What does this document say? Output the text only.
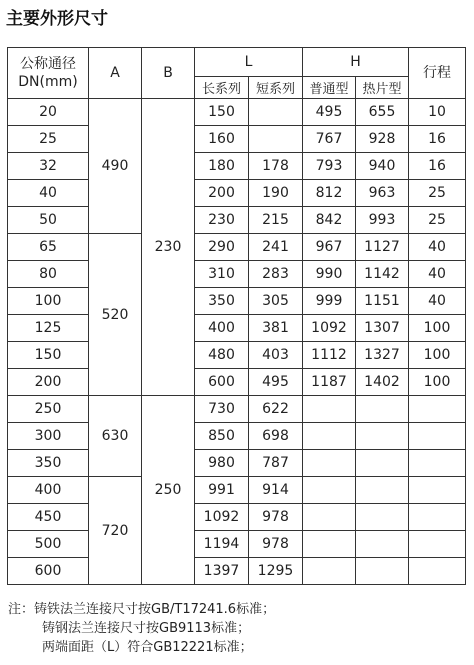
主要外形尺寸
公称通径
DN(mm)	A	B	L		H		行程
			长系列	短系列	普通型	热片型	
20	490	230	150		495	655	10
25			160		767	928	16
32			180	178	793	940	16
40			200	190	812	963	25
50			230	215	842	993	25
65	520		290	241	967	1127	40
80			310	283	990	1142	40
100			350	305	999	1151	40
125			400	381	1092	1307	100
150			480	403	1112	1327	100
200			600	495	1187	1402	100
250	630	250	730	622			
300			850	698			
350			980	787			
400	720		991	914			
450			1092	978			
500			1194	978			
600			1397	1295			
注：铸铁法兰连接尺寸按GB/T17241.6标准；
铸钢法兰连接尺寸按GB9113标准；
两端面距（L）符合GB12221标准；
